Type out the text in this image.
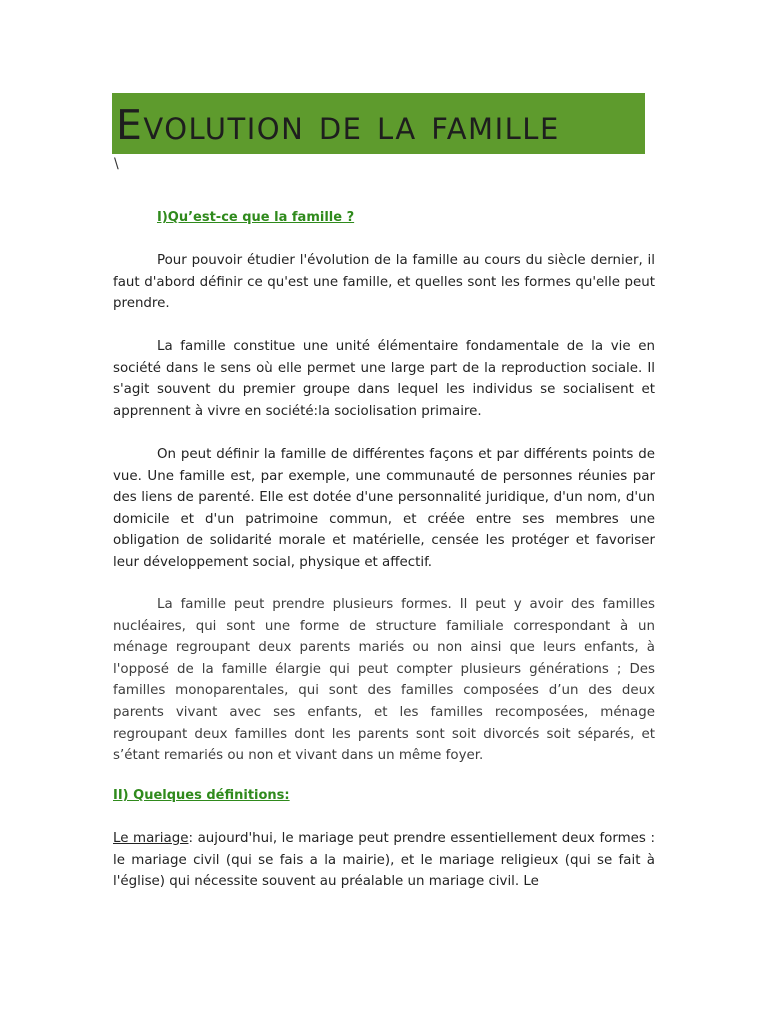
Evolution de la famille
\
I)Qu’est-ce que la famille ?

Pour pouvoir étudier l'évolution de la famille au cours du siècle dernier, il faut d'abord définir ce qu'est une famille, et quelles sont les formes qu'elle peut prendre.

La famille constitue une unité élémentaire fondamentale de la vie en société dans le sens où elle permet une large part de la reproduction sociale. Il s'agit souvent du premier groupe dans lequel les individus se socialisent et apprennent à vivre en société:la sociolisation primaire.

On peut définir la famille de différentes façons et par différents points de vue. Une famille est, par exemple, une communauté de personnes réunies par des liens de parenté. Elle est dotée d'une personnalité juridique, d'un nom, d'un domicile et d'un patrimoine commun, et créée entre ses membres une obligation de solidarité morale et matérielle, censée les protéger et favoriser leur développement social, physique et affectif.

La famille peut prendre plusieurs formes. Il peut y avoir des familles nucléaires, qui sont une forme de structure familiale correspondant à un ménage regroupant deux parents mariés ou non ainsi que leurs enfants, à l'opposé de la famille élargie qui peut compter plusieurs générations ; Des familles monoparentales, qui sont des familles composées d’un des deux parents vivant avec ses enfants, et les familles recomposées, ménage regroupant deux familles dont les parents sont soit divorcés soit séparés, et s’étant remariés ou non et vivant dans un même foyer.

II) Quelques définitions:

Le mariage: aujourd'hui, le mariage peut prendre essentiellement deux formes : le mariage civil (qui se fais a la mairie), et le mariage religieux (qui se fait à l'église) qui nécessite souvent au préalable un mariage civil. Le
